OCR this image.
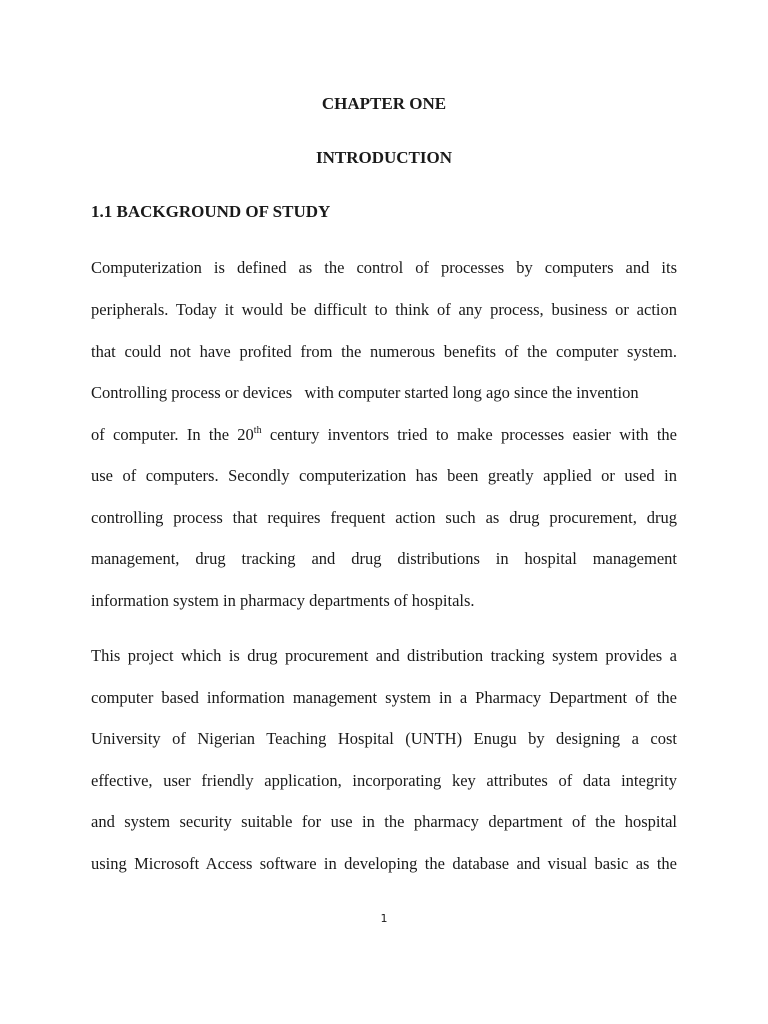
CHAPTER ONE

INTRODUCTION

1.1 BACKGROUND OF STUDY

Computerization is defined as the control of processes by computers and its

peripherals. Today it would be difficult to think of any process, business or action

that could not have profited from the numerous benefits of the computer system.

Controlling process or devices   with computer started long ago since the invention

of computer. In the 20th century inventors tried to make processes easier with the

use of computers. Secondly computerization has been greatly applied or used in

controlling process that requires frequent action such as drug procurement, drug

management, drug tracking and drug distributions in hospital management

information system in pharmacy departments of hospitals.

This project which is drug procurement and distribution tracking system provides a

computer based information management system in a Pharmacy Department of the

University of Nigerian Teaching Hospital (UNTH) Enugu by designing a cost

effective, user friendly application, incorporating key attributes of data integrity

and system security suitable for use in the pharmacy department of the hospital

using Microsoft Access software in developing the database and visual basic as the

1
